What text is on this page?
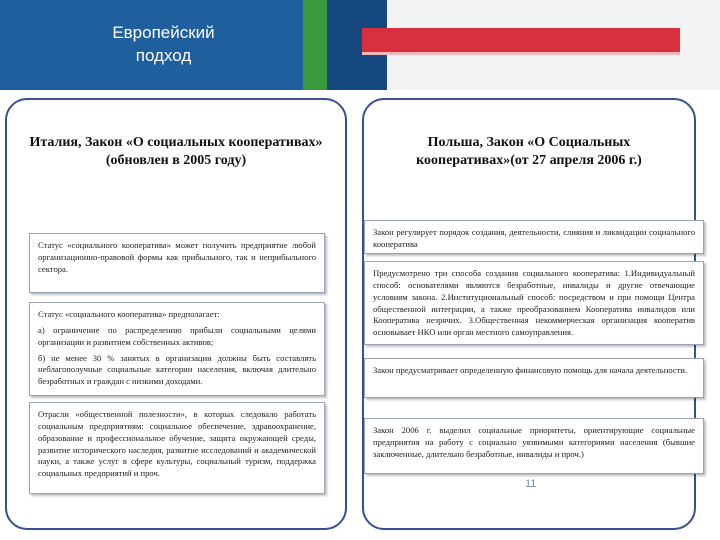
Европейский
подход
Италия, Закон «О социальных кооперативах» (обновлен в 2005 году)

Статус «социального кооператива» может получить предприятие любой организационно-правовой формы как прибыльного, так и неприбыльного сектора.

Статус «социального кооператива» предполагает:

а) ограничение по распределению прибыли социальными целями организации и развитием собственных активов;

б) не менее 30 % занятых в организации должны быть составлять неблагополучные социальные категории населения, включая длительно безработных и граждан с низкими доходами.

Отрасли «общественной полезности», в которых следовало работать социальным предприятиям: социальное обеспечение, здравоохранение, образование и профессиональное обучение, защита окружающей среды, развитие исторического наследия, развитие исследований и академической науки, а также услуг в сфере культуры, социальный туризм, поддержка социальных предприятий и проч.

Польша, Закон «О Социальных кооперативах»(от 27 апреля 2006 г.)

Закон регулирует порядок создания, деятельности, слияния и ликвидации социального кооператива

Предусмотрено три способа создания социального кооператива: 1.Индивидуальный способ: основателями являются безработные, инвалиды и другие отвечающие условиям закона. 2.Институциональный способ: посредством и при помощи Центра общественной интеграции, а также преобразованием Кооператива инвалидов или Кооператива незрячих. 3.Общественная некоммерческая организация кооператив основывает НКО или орган местного самоуправления.

Закон предусматривает определенную финансовую помощь для начала деятельности.

Закон 2006 г. выделил социальные приоритеты, ориентирующие социальные предприятия на работу с социально уязвимыми категориями населения (бывшие заключенные, длительно безработные, инвалиды и проч.)

11
